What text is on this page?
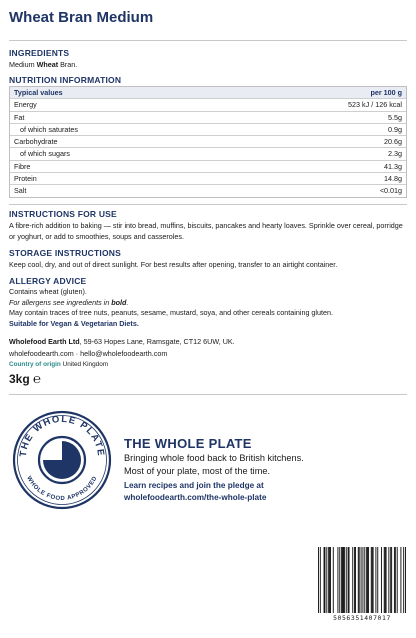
Wheat Bran Medium
INGREDIENTS
Medium Wheat Bran.
NUTRITION INFORMATION
Typical values	per 100 g
Energy	523 kJ / 126 kcal
Fat	5.5g
of which saturates	0.9g
Carbohydrate	20.6g
of which sugars	2.3g
Fibre	41.3g
Protein	14.8g
Salt	<0.01g
INSTRUCTIONS FOR USE
A fibre-rich addition to baking — stir into bread, muffins, biscuits, pancakes and hearty loaves. Sprinkle over cereal, porridge or yoghurt, or add to smoothies, soups and casseroles.
STORAGE INSTRUCTIONS
Keep cool, dry, and out of direct sunlight. For best results after opening, transfer to an airtight container.
ALLERGY ADVICE
Contains wheat (gluten).
For allergens see ingredients in bold.
May contain traces of tree nuts, peanuts, sesame, mustard, soya, and other cereals containing gluten.
Suitable for Vegan & Vegetarian Diets.
Wholefood Earth Ltd, 59-63 Hopes Lane, Ramsgate, CT12 6UW, UK.
wholefoodearth.com · hello@wholefoodearth.com
Country of origin United Kingdom
3kg ℮
THE WHOLE PLATE
WHOLE FOOD APPROVED
THE WHOLE PLATE
Bringing whole food back to British kitchens.
Most of your plate, most of the time.
Learn recipes and join the pledge at
wholefoodearth.com/the-whole-plate
5056351407017
